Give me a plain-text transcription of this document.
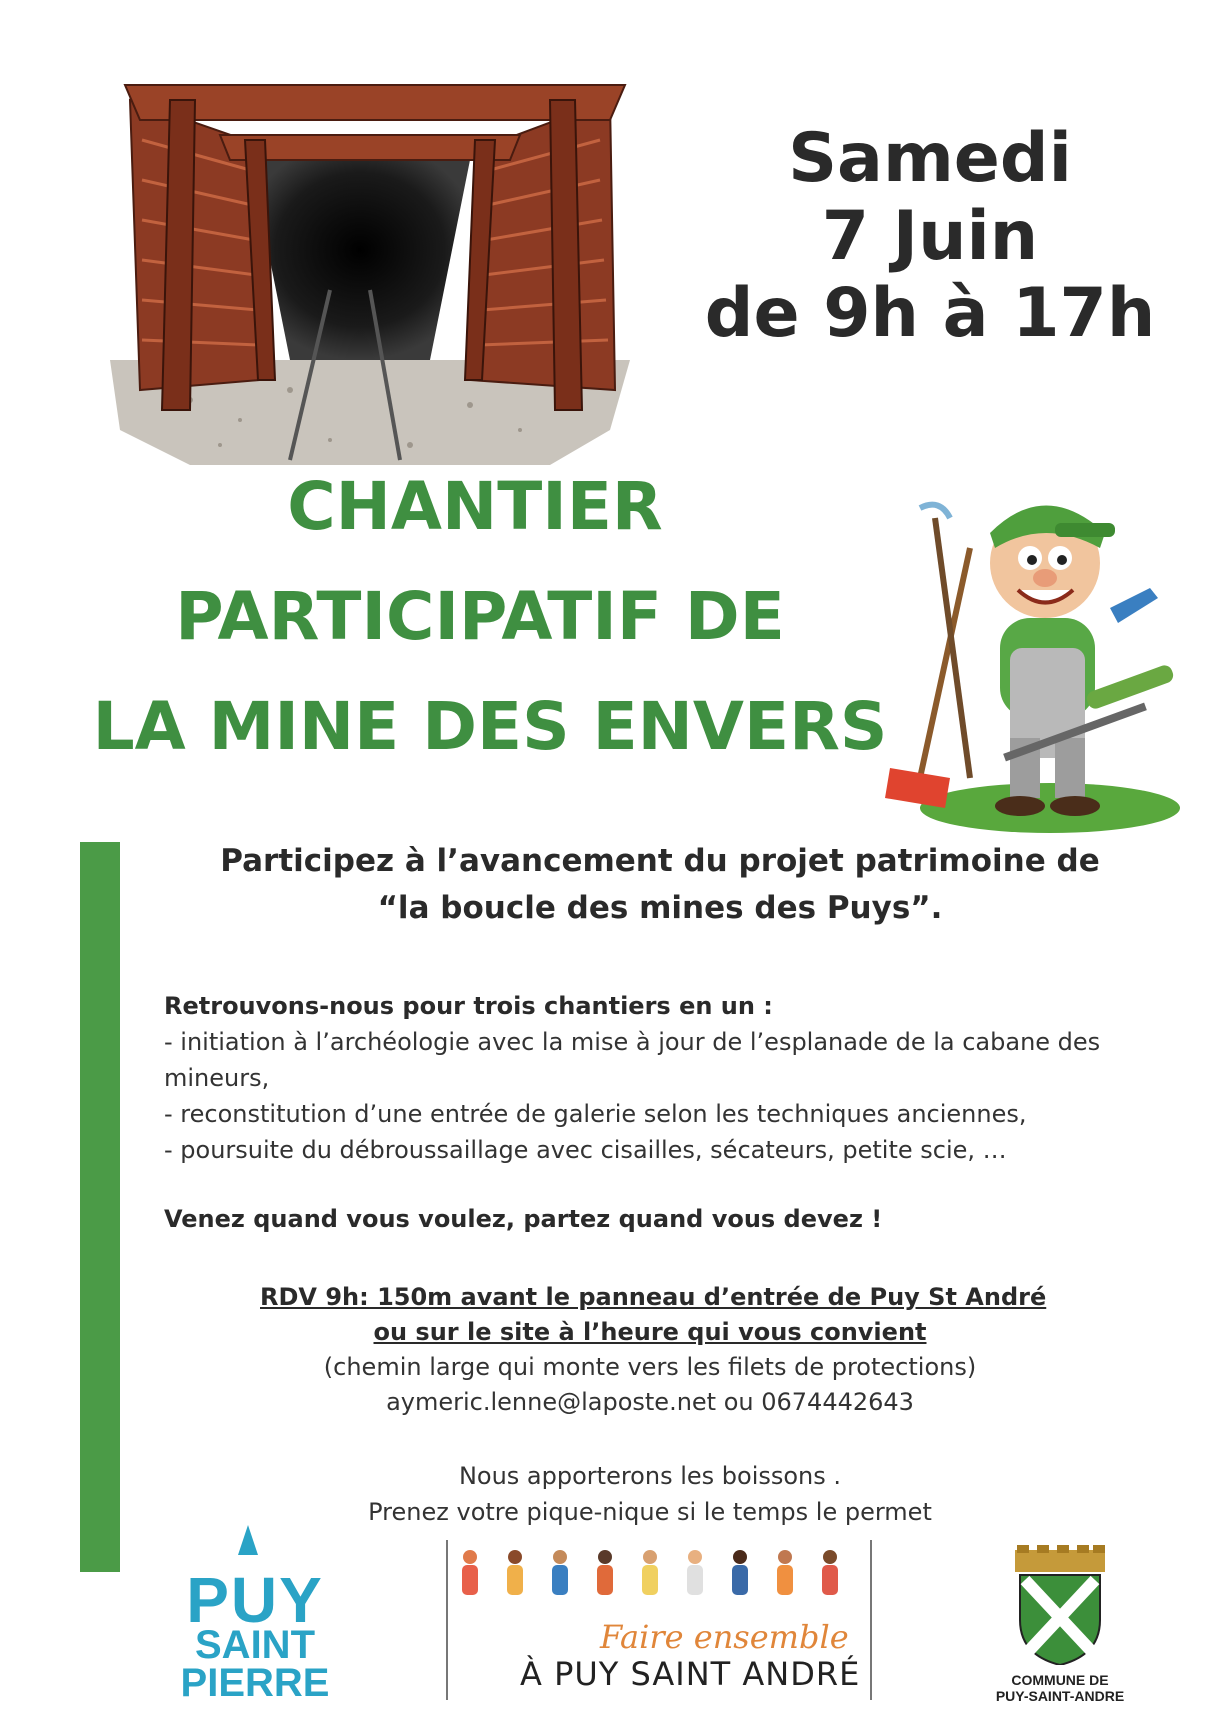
Samedi
7 Juin
de 9h à 17h
CHANTIER
PARTICIPATIF DE
LA MINE DES ENVERS
Participez à l’avancement du projet patrimoine de
“la boucle des mines des Puys”.
Retrouvons-nous pour trois chantiers en un :
- initiation à l’archéologie avec la mise à jour de l’esplanade de la cabane des
mineurs,
- reconstitution d’une entrée de galerie selon les techniques anciennes,
- poursuite du débroussaillage avec cisailles, sécateurs, petite scie, …
Venez quand vous voulez, partez quand vous devez !
RDV 9h: 150m avant le panneau d’entrée de Puy St André
ou sur le site à l’heure qui vous convient
(chemin large qui monte vers les filets de protections)
aymeric.lenne@laposte.net ou 0674442643
Nous apporterons les boissons .
Prenez votre pique-nique si le temps le permet
PUY
SAINT
PIERRE
Faire ensemble
À PUY SAINT ANDRÉ	COMMUNE DE
PUY-SAINT-ANDRE
